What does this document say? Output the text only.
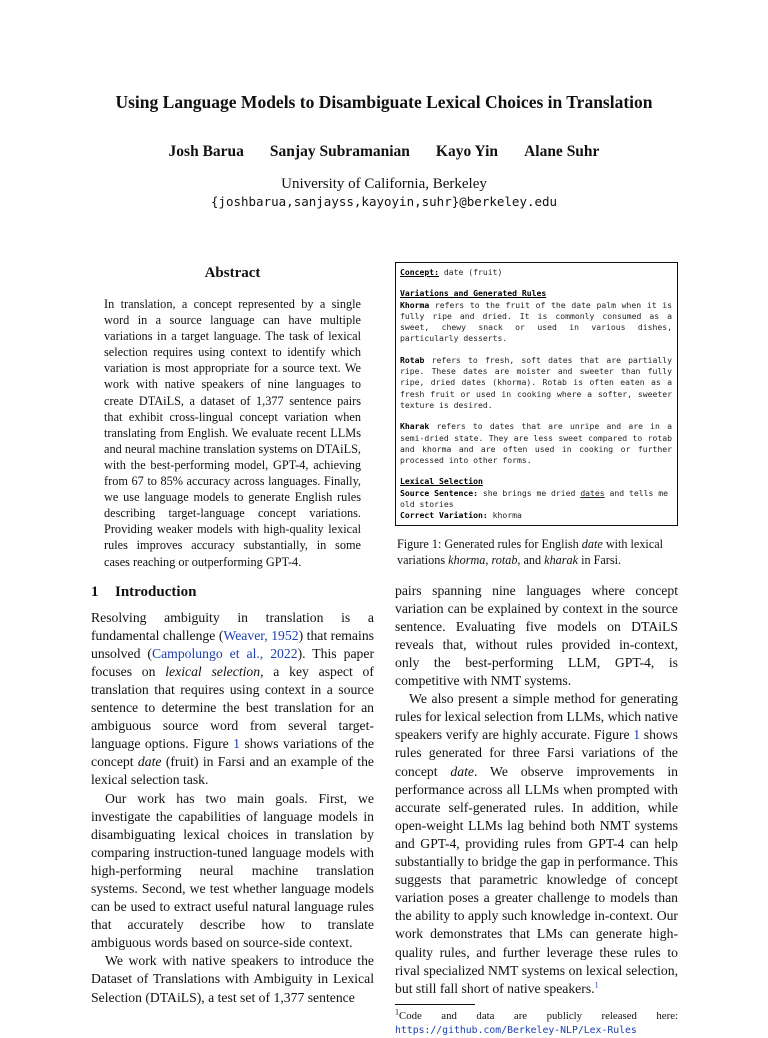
Using Language Models to Disambiguate Lexical Choices in Translation
Josh Barua Sanjay Subramanian Kayo Yin Alane Suhr
University of California, Berkeley
{joshbarua,sanjayss,kayoyin,suhr}@berkeley.edu
Abstract

In translation, a concept represented by a single word in a source language can have multiple variations in a target language. The task of lexical selection requires using context to identify which variation is most appropriate for a source text. We work with native speakers of nine languages to create DTAiLS, a dataset of 1,377 sentence pairs that exhibit cross-lingual concept variation when translating from English. We evaluate recent LLMs and neural machine translation systems on DTAiLS, with the best-performing model, GPT-4, achieving from 67 to 85% accuracy across languages. Finally, we use language models to generate English rules describing target-language concept variations. Providing weaker models with high-quality lexical rules improves accuracy substantially, in some cases reaching or outperforming GPT-4.

1 Introduction

Resolving ambiguity in translation is a fundamental challenge (Weaver, 1952) that remains unsolved (Campolungo et al., 2022). This paper focuses on lexical selection, a key aspect of translation that requires using context in a source sentence to determine the best translation for an ambiguous source word from several target-language options. Figure 1 shows variations of the concept date (fruit) in Farsi and an example of the lexical selection task.

Our work has two main goals. First, we investigate the capabilities of language models in disambiguating lexical choices in translation by comparing instruction-tuned language models with high-performing neural machine translation systems. Second, we test whether language models can be used to extract useful natural language rules that accurately describe how to translate ambiguous words based on source-side context.

We work with native speakers to introduce the Dataset of Translations with Ambiguity in Lexical Selection (DTAiLS), a test set of 1,377 sentence

Concept: date (fruit)
Variations and Generated Rules
Khorma refers to the fruit of the date palm when it is fully ripe and dried. It is commonly consumed as a sweet, chewy snack or used in various dishes, particularly desserts.
Rotab refers to fresh, soft dates that are partially ripe. These dates are moister and sweeter than fully ripe, dried dates (khorma). Rotab is often eaten as a fresh fruit or used in cooking where a softer, sweeter texture is desired.
Kharak refers to dates that are unripe and are in a semi-dried state. They are less sweet compared to rotab and khorma and are often used in cooking or further processed into other forms.
Lexical Selection
Source Sentence: she brings me dried dates and tells me old stories
Correct Variation: khorma
Figure 1: Generated rules for English date with lexical variations khorma, rotab, and kharak in Farsi.

pairs spanning nine languages where concept variation can be explained by context in the source sentence. Evaluating five models on DTAiLS reveals that, without rules provided in-context, only the best-performing LLM, GPT-4, is competitive with NMT systems.

We also present a simple method for generating rules for lexical selection from LLMs, which native speakers verify are highly accurate. Figure 1 shows rules generated for three Farsi variations of the concept date. We observe improvements in performance across all LLMs when prompted with accurate self-generated rules. In addition, while open-weight LLMs lag behind both NMT systems and GPT-4, providing rules from GPT-4 can help substantially to bridge the gap in performance. This suggests that parametric knowledge of concept variation poses a greater challenge to models than the ability to apply such knowledge in-context. Our work demonstrates that LMs can generate high-quality rules, and further leverage these rules to rival specialized NMT systems on lexical selection, but still fall short of native speakers.$^1$

$^1$Code and data are publicly released here: https://github.com/Berkeley-NLP/Lex-Rules
